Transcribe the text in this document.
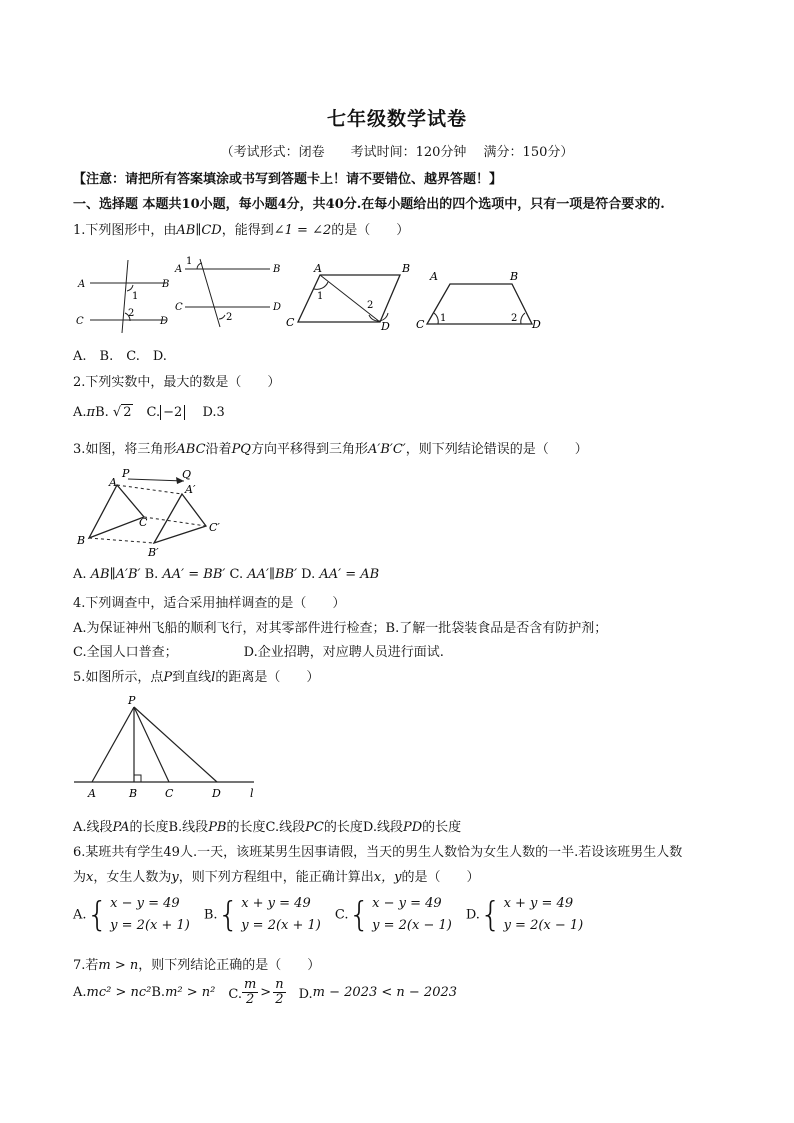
七年级数学试卷
（考试形式：闭卷　　考试时间：120分钟　 满分：150分）
【注意：请把所有答案填涂或书写到答题卡上！请不要错位、越界答题！】
一、选择题 本题共10小题，每小题4分，共40分.在每小题给出的四个选项中，只有一项是符合要求的.
1.下列图形中，由AB∥CD，能得到∠1 = ∠2的是（　　）
A	B
C	D
1
2
A	B
C	D
1
2
A	B
C	D
1
2
A	B
C	D
1	2
A.　B.　C.　D.
2.下列实数中，最大的数是（　　）
A.πB. √ 2　 C. −2　 D.3
3.如图，将三角形ABC沿着PQ方向平移得到三角形A′B′C′，则下列结论错误的是（　　）
P	Q
A
A′
B
B′
C	C′
A. AB∥A′B′ B. AA′ = BB′ C. AA′∥BB′ D. AA′ = AB
4.下列调查中，适合采用抽样调查的是（　　）
A.为保证神州飞船的顺利飞行，对其零部件进行检查；B.了解一批袋装食品是否含有防护剂；
C.全国人口普查；	D.企业招聘，对应聘人员进行面试.
5.如图所示，点P到直线l的距离是（　　）
P
A	B	C	D	l
A.线段PA的长度B.线段PB的长度C.线段PC的长度D.线段PD的长度
6.某班共有学生49人.一天，该班某男生因事请假，当天的男生人数恰为女生人数的一半.若设该班男生人数
为x，女生人数为y，则下列方程组中，能正确计算出x，y的是（　　）
A. { x − y = 49
y = 2(x + 1)
B. { x + y = 49
y = 2(x + 1)
C. { x − y = 49
y = 2(x − 1)
D. { x + y = 49
y = 2(x − 1)
7.若m > n，则下列结论正确的是（　　）
A. mc² > nc² B. m² > n² 　C. $\frac{m}{2} > \frac{n}{2}$ 　D. m − 2023 < n − 2023
